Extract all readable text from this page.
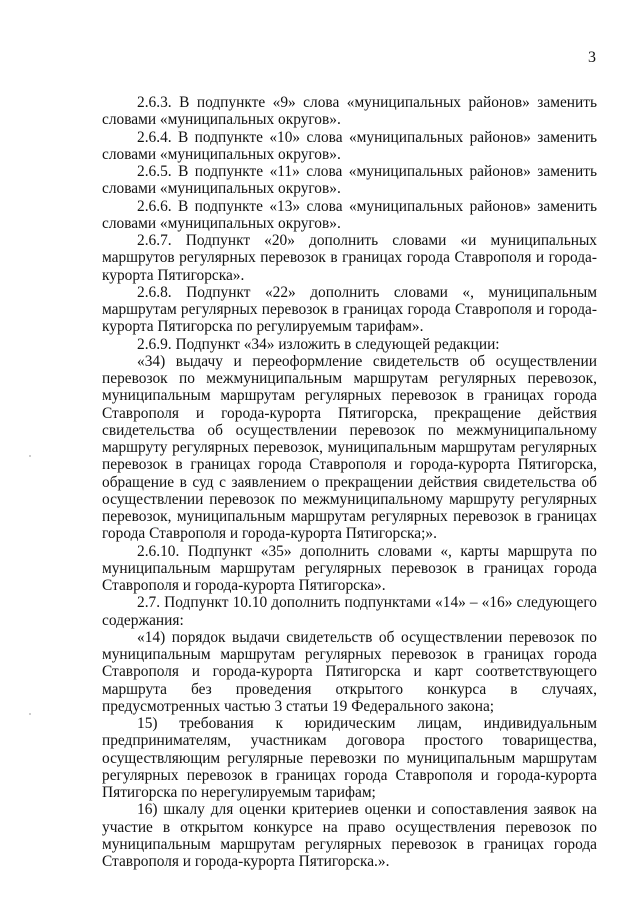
3

2.6.3. В подпункте «9» слова «муниципальных районов» заменить словами «муниципальных округов».

2.6.4. В подпункте «10» слова «муниципальных районов» заменить словами «муниципальных округов».

2.6.5. В подпункте «11» слова «муниципальных районов» заменить словами «муниципальных округов».

2.6.6. В подпункте «13» слова «муниципальных районов» заменить словами «муниципальных округов».

2.6.7. Подпункт «20» дополнить словами «и муниципальных маршрутов регулярных перевозок в границах города Ставрополя и города-курорта Пятигорска».

2.6.8. Подпункт «22» дополнить словами «, муниципальным маршрутам регулярных перевозок в границах города Ставрополя и города-курорта Пятигорска по регулируемым тарифам».

2.6.9. Подпункт «34» изложить в следующей редакции:

«34) выдачу и переоформление свидетельств об осуществлении перевозок по межмуниципальным маршрутам регулярных перевозок, муниципальным маршрутам регулярных перевозок в границах города Ставрополя и города-курорта Пятигорска, прекращение действия свидетельства об осуществлении перевозок по межмуниципальному маршруту регулярных перевозок, муниципальным маршрутам регулярных перевозок в границах города Ставрополя и города-курорта Пятигорска, обращение в суд с заявлением о прекращении действия свидетельства об осуществлении перевозок по межмуниципальному маршруту регулярных перевозок, муниципальным маршрутам регулярных перевозок в границах города Ставрополя и города-курорта Пятигорска;».

2.6.10. Подпункт «35» дополнить словами «, карты маршрута по муниципальным маршрутам регулярных перевозок в границах города Ставрополя и города-курорта Пятигорска».

2.7. Подпункт 10.10 дополнить подпунктами «14» – «16» следующего содержания:

«14) порядок выдачи свидетельств об осуществлении перевозок по муниципальным маршрутам регулярных перевозок в границах города Ставрополя и города-курорта Пятигорска и карт соответствующего маршрута без проведения открытого конкурса в случаях, предусмотренных частью 3 статьи 19 Федерального закона;

15) требования к юридическим лицам, индивидуальным предпринимателям, участникам договора простого товарищества, осуществляющим регулярные перевозки по муниципальным маршрутам регулярных перевозок в границах города Ставрополя и города-курорта Пятигорска по нерегулируемым тарифам;

16) шкалу для оценки критериев оценки и сопоставления заявок на участие в открытом конкурсе на право осуществления перевозок по муниципальным маршрутам регулярных перевозок в границах города Ставрополя и города-курорта Пятигорска.».
